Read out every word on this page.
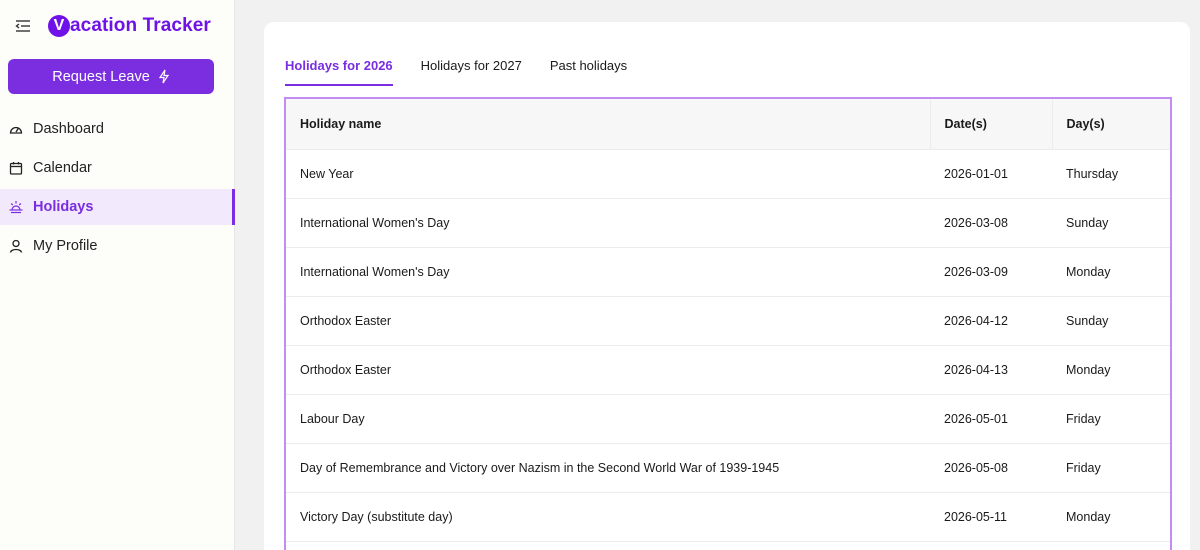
V acation Tracker
Request Leave
Dashboard
Calendar
Holidays
My Profile
Holidays for 2026 Holidays for 2027 Past holidays
Holiday name	Date(s)	Day(s)
New Year	2026-01-01	Thursday
International Women's Day	2026-03-08	Sunday
International Women's Day	2026-03-09	Monday
Orthodox Easter	2026-04-12	Sunday
Orthodox Easter	2026-04-13	Monday
Labour Day	2026-05-01	Friday
Day of Remembrance and Victory over Nazism in the Second World War of 1939-1945	2026-05-08	Friday
Victory Day (substitute day)	2026-05-11	Monday
